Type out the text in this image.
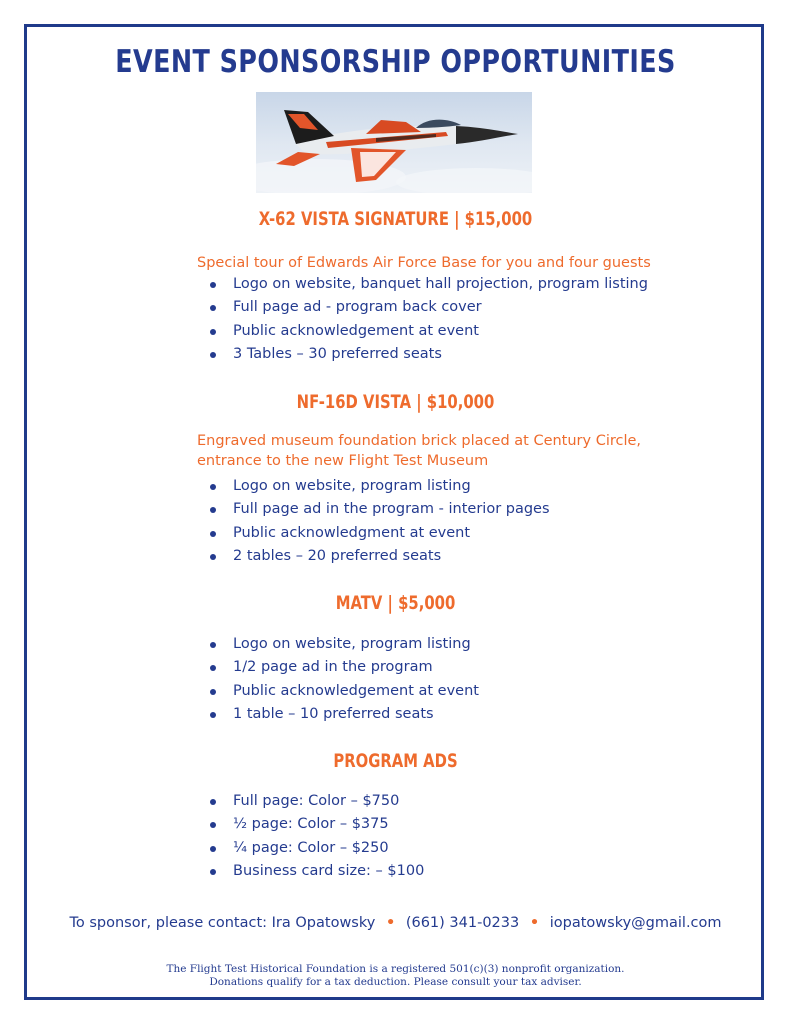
EVENT SPONSORSHIP OPPORTUNITIES
X-62 VISTA SIGNATURE | $15,000
Special tour of Edwards Air Force Base for you and four guests
Logo on website, banquet hall projection, program listing
Full page ad - program back cover
Public acknowledgement at event
3 Tables – 30 preferred seats
NF-16D VISTA | $10,000
Engraved museum foundation brick placed at Century Circle, entrance to the new Flight Test Museum
Logo on website, program listing
Full page ad in the program - interior pages
Public acknowledgment at event
2 tables – 20 preferred seats
MATV | $5,000
Logo on website, program listing
1/2 page ad in the program
Public acknowledgement at event
1 table – 10 preferred seats
PROGRAM ADS
Full page: Color – $750
½ page: Color – $375
¼ page: Color – $250
Business card size: – $100
To sponsor, please contact: Ira Opatowsky • (661) 341-0233 • iopatowsky@gmail.com
The Flight Test Historical Foundation is a registered 501(c)(3) nonprofit organization.
Donations qualify for a tax deduction. Please consult your tax adviser.
